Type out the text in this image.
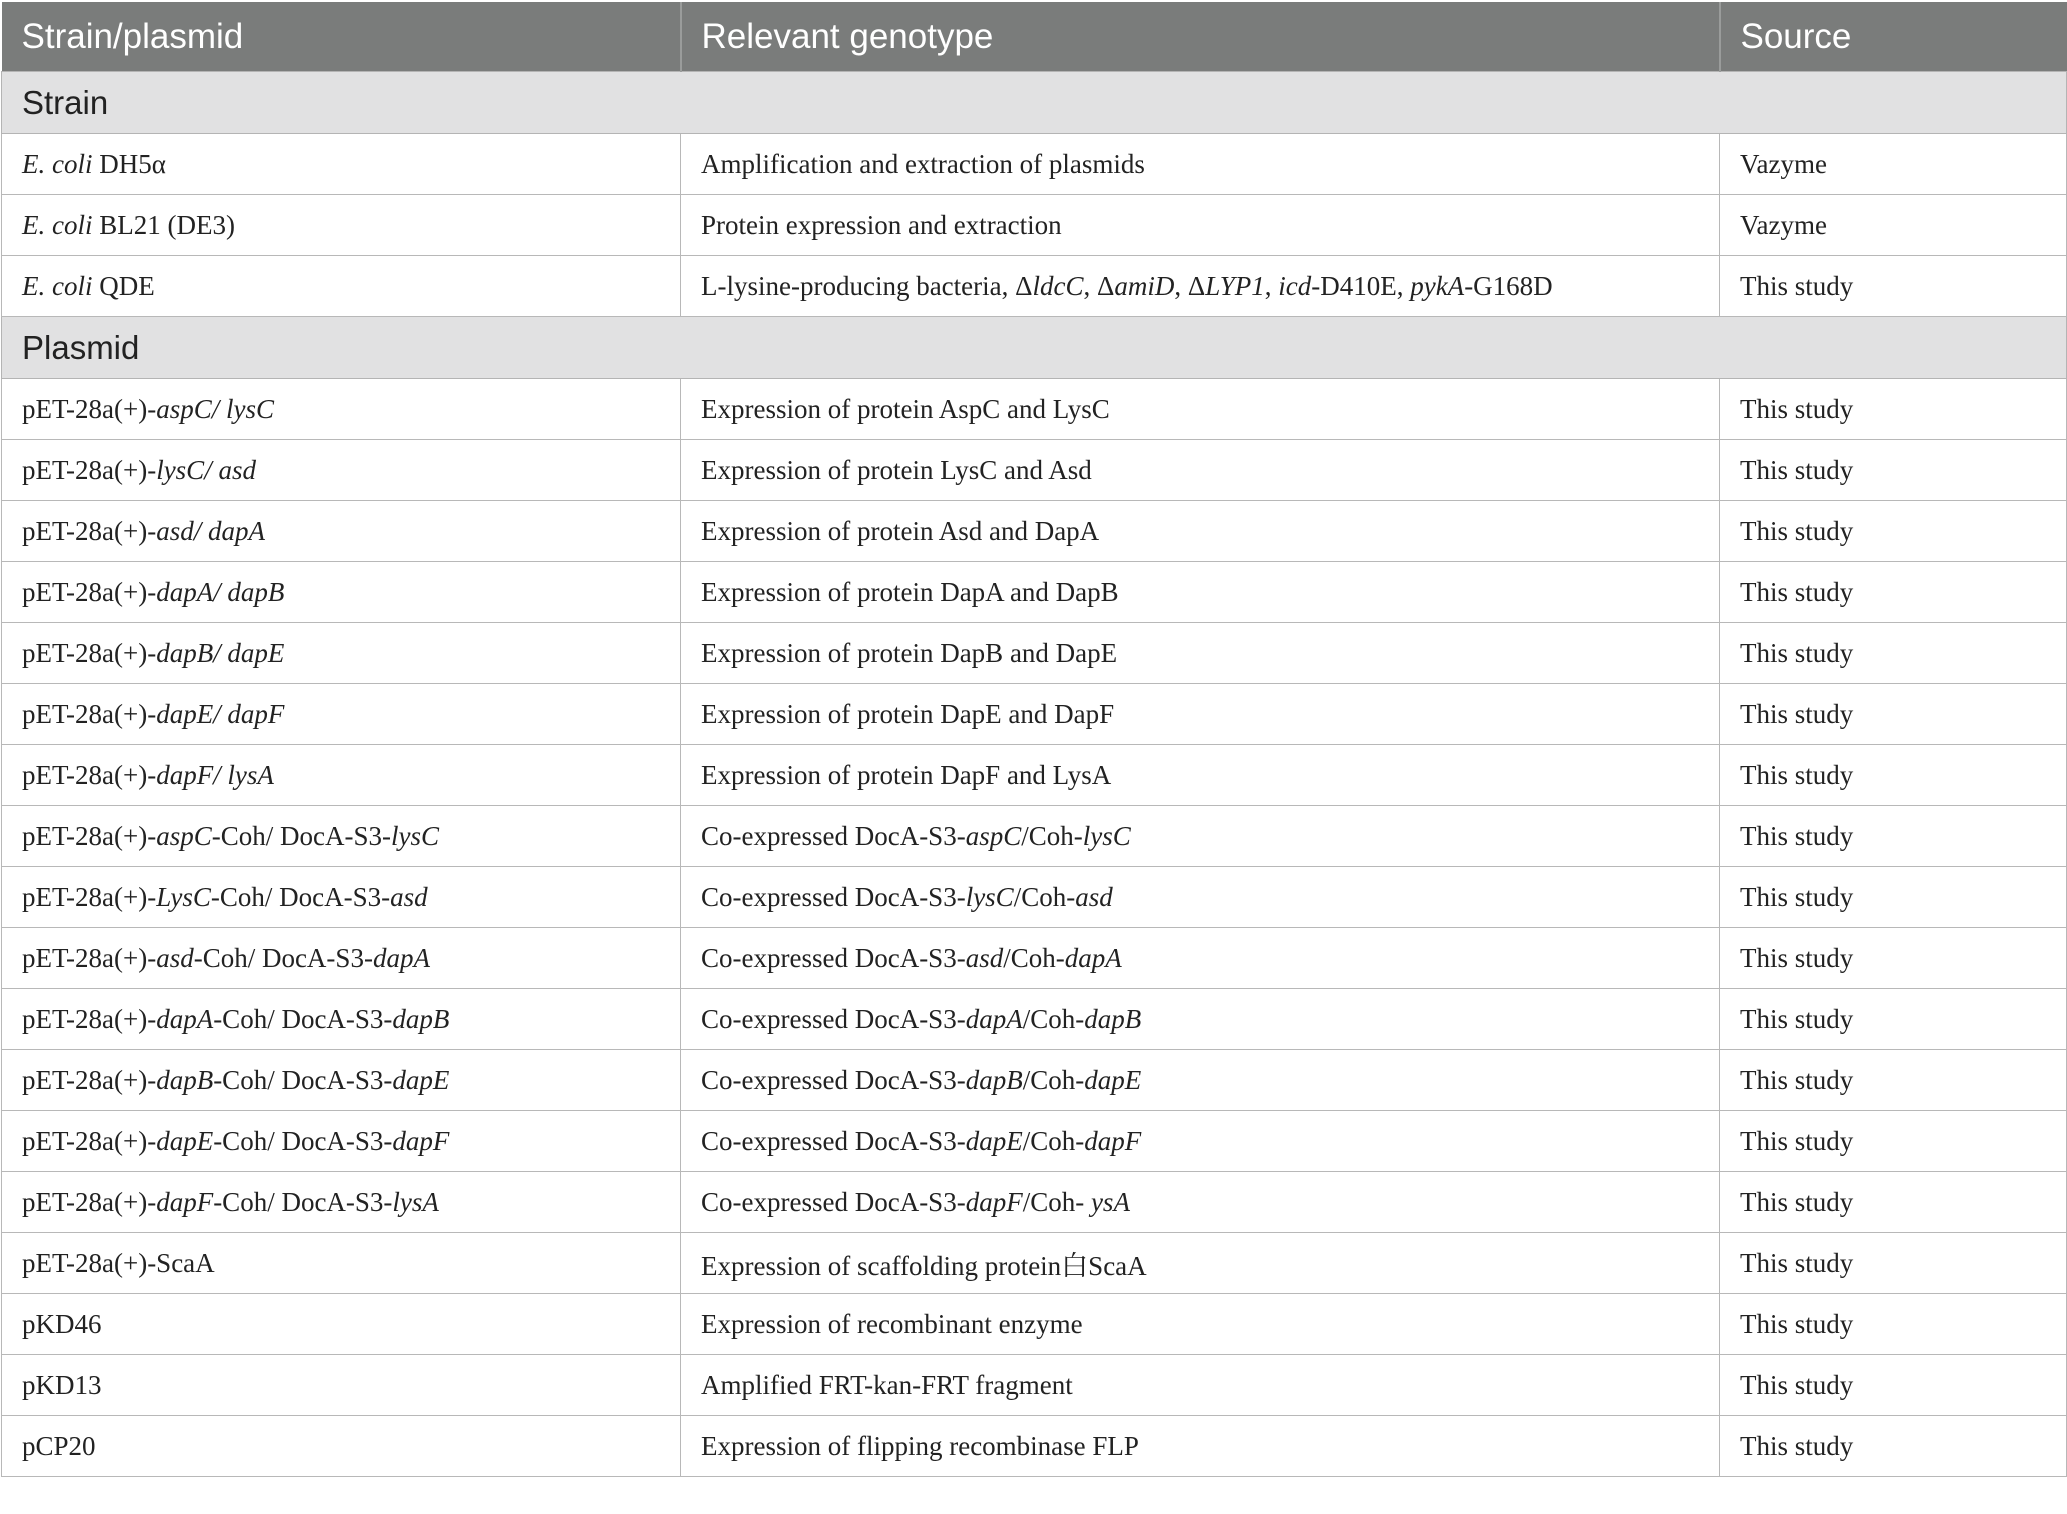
Strain/plasmid	Relevant genotype	Source
Strain		
E. coli DH5α	Amplification and extraction of plasmids	Vazyme
E. coli BL21 (DE3)	Protein expression and extraction	Vazyme
E. coli QDE	L-lysine-producing bacteria, ΔldcC, ΔamiD, ΔLYP1, icd-D410E, pykA-G168D	This study
Plasmid		
pET-28a(+)-aspC/ lysC	Expression of protein AspC and LysC	This study
pET-28a(+)-lysC/ asd	Expression of protein LysC and Asd	This study
pET-28a(+)-asd/ dapA	Expression of protein Asd and DapA	This study
pET-28a(+)-dapA/ dapB	Expression of protein DapA and DapB	This study
pET-28a(+)-dapB/ dapE	Expression of protein DapB and DapE	This study
pET-28a(+)-dapE/ dapF	Expression of protein DapE and DapF	This study
pET-28a(+)-dapF/ lysA	Expression of protein DapF and LysA	This study
pET-28a(+)-aspC-Coh/ DocA-S3-lysC	Co-expressed DocA-S3-aspC/Coh-lysC	This study
pET-28a(+)-LysC-Coh/ DocA-S3-asd	Co-expressed DocA-S3-lysC/Coh-asd	This study
pET-28a(+)-asd-Coh/ DocA-S3-dapA	Co-expressed DocA-S3-asd/Coh-dapA	This study
pET-28a(+)-dapA-Coh/ DocA-S3-dapB	Co-expressed DocA-S3-dapA/Coh-dapB	This study
pET-28a(+)-dapB-Coh/ DocA-S3-dapE	Co-expressed DocA-S3-dapB/Coh-dapE	This study
pET-28a(+)-dapE-Coh/ DocA-S3-dapF	Co-expressed DocA-S3-dapE/Coh-dapF	This study
pET-28a(+)-dapF-Coh/ DocA-S3-lysA	Co-expressed DocA-S3-dapF/Coh- ysA	This study
pET-28a(+)-ScaA	Expression of scaffolding protein白ScaA	This study
pKD46	Expression of recombinant enzyme	This study
pKD13	Amplified FRT-kan-FRT fragment	This study
pCP20	Expression of flipping recombinase FLP	This study
